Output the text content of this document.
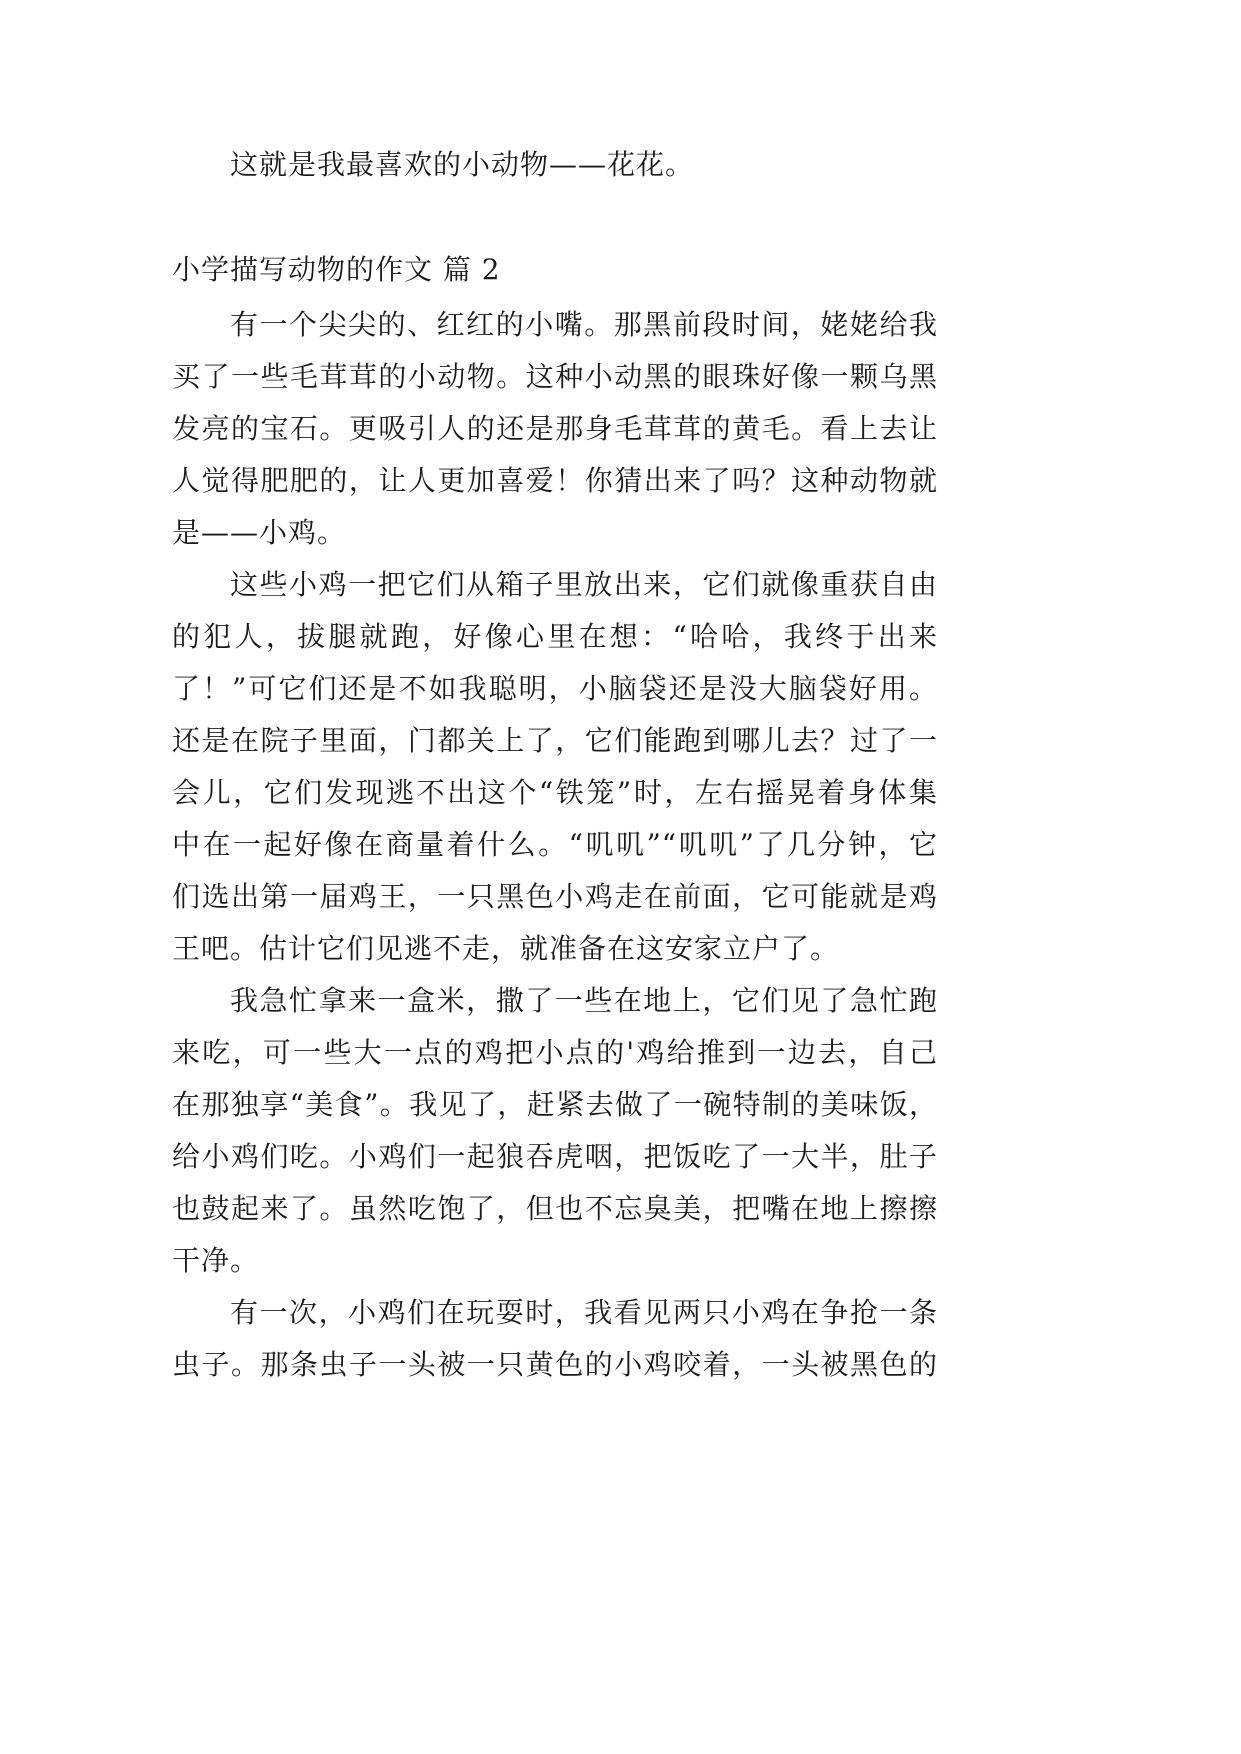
这就是我最喜欢的小动物——花花。
小学描写动物的作文 篇 2
有一个尖尖的、红红的小嘴。那黑前段时间，姥姥给我
买了一些毛茸茸的小动物。这种小动黑的眼珠好像一颗乌黑
发亮的宝石。更吸引人的还是那身毛茸茸的黄毛。看上去让
人觉得肥肥的，让人更加喜爱！你猜出来了吗？这种动物就
是——小鸡。
这些小鸡一把它们从箱子里放出来，它们就像重获自由
的犯人，拔腿就跑，好像心里在想：“哈哈，我终于出来
了！”可它们还是不如我聪明，小脑袋还是没大脑袋好用。
还是在院子里面，门都关上了，它们能跑到哪儿去？过了一
会儿，它们发现逃不出这个“铁笼”时，左右摇晃着身体集
中在一起好像在商量着什么。“叽叽”“叽叽”了几分钟，它
们选出第一届鸡王，一只黑色小鸡走在前面，它可能就是鸡
王吧。估计它们见逃不走，就准备在这安家立户了。
我急忙拿来一盒米，撒了一些在地上，它们见了急忙跑
来吃，可一些大一点的鸡把小点的'鸡给推到一边去，自己
在那独享“美食”。我见了，赶紧去做了一碗特制的美味饭，
给小鸡们吃。小鸡们一起狼吞虎咽，把饭吃了一大半，肚子
也鼓起来了。虽然吃饱了，但也不忘臭美，把嘴在地上擦擦
干净。
有一次，小鸡们在玩耍时，我看见两只小鸡在争抢一条
虫子。那条虫子一头被一只黄色的小鸡咬着，一头被黑色的
